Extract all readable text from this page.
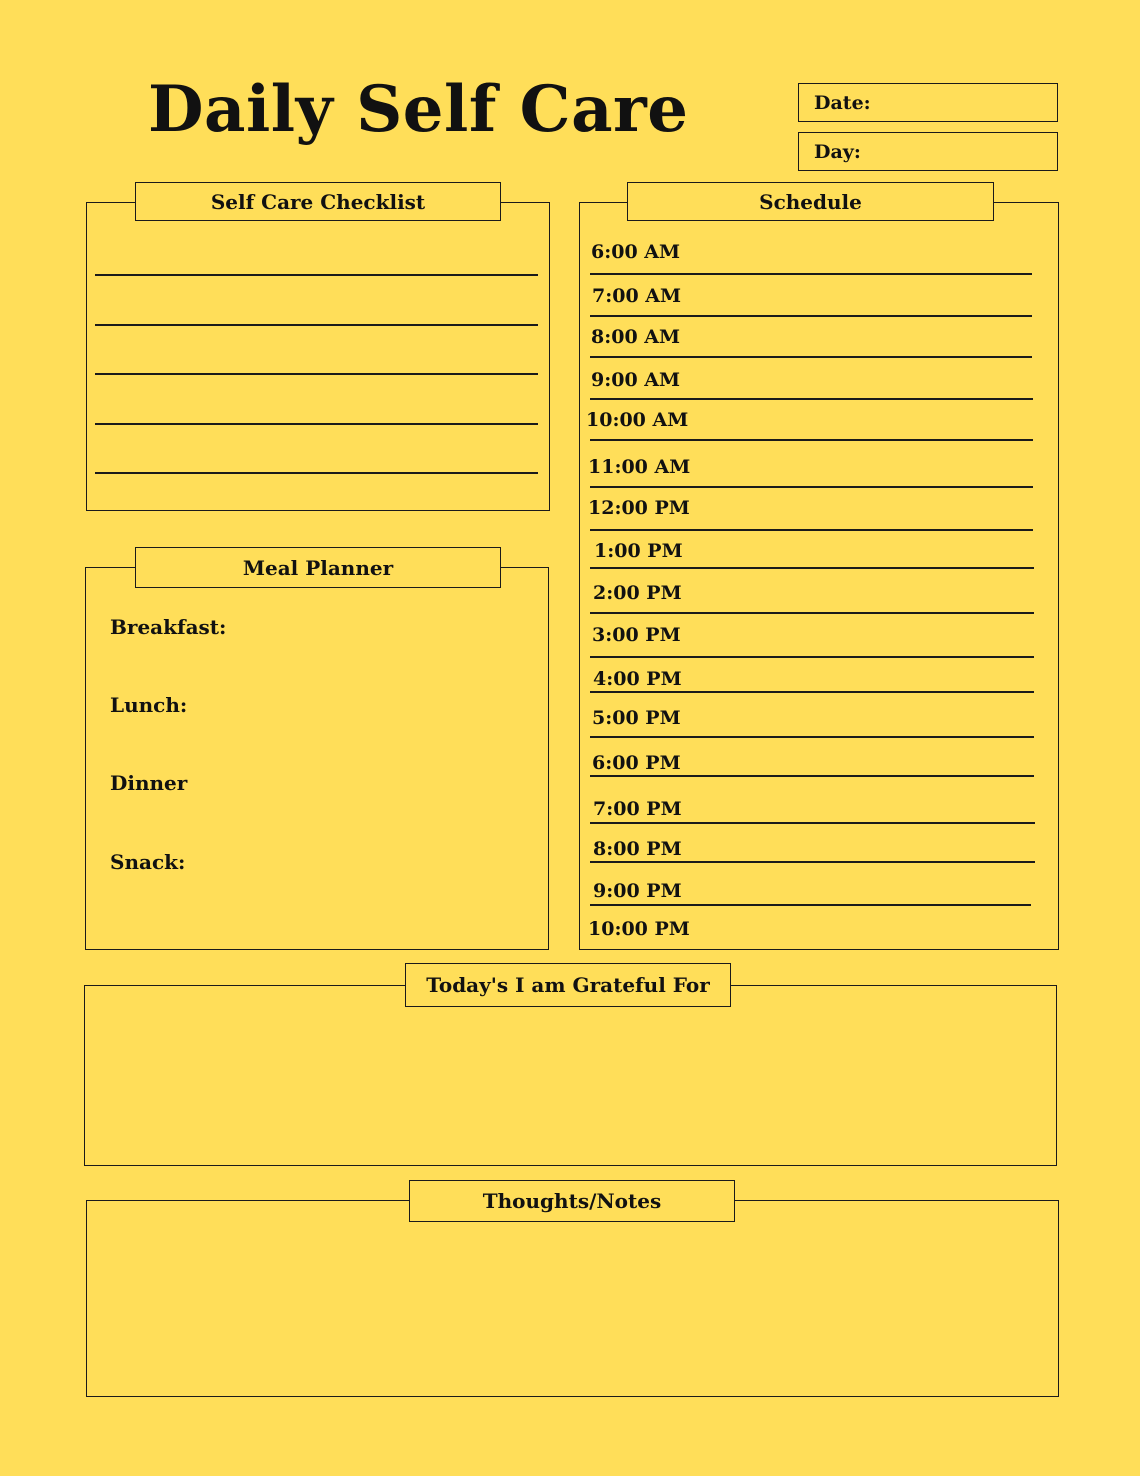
Daily Self Care	Date:
Day:
Self Care Checklist
Meal Planner
Breakfast:
Lunch:
Dinner
Snack:
Schedule
6:00 AM
7:00 AM
8:00 AM
9:00 AM
10:00 AM
11:00 AM
12:00 PM
1:00 PM
2:00 PM
3:00 PM
4:00 PM
5:00 PM
6:00 PM
7:00 PM
8:00 PM
9:00 PM
10:00 PM
Today's I am Grateful For
Thoughts/Notes
